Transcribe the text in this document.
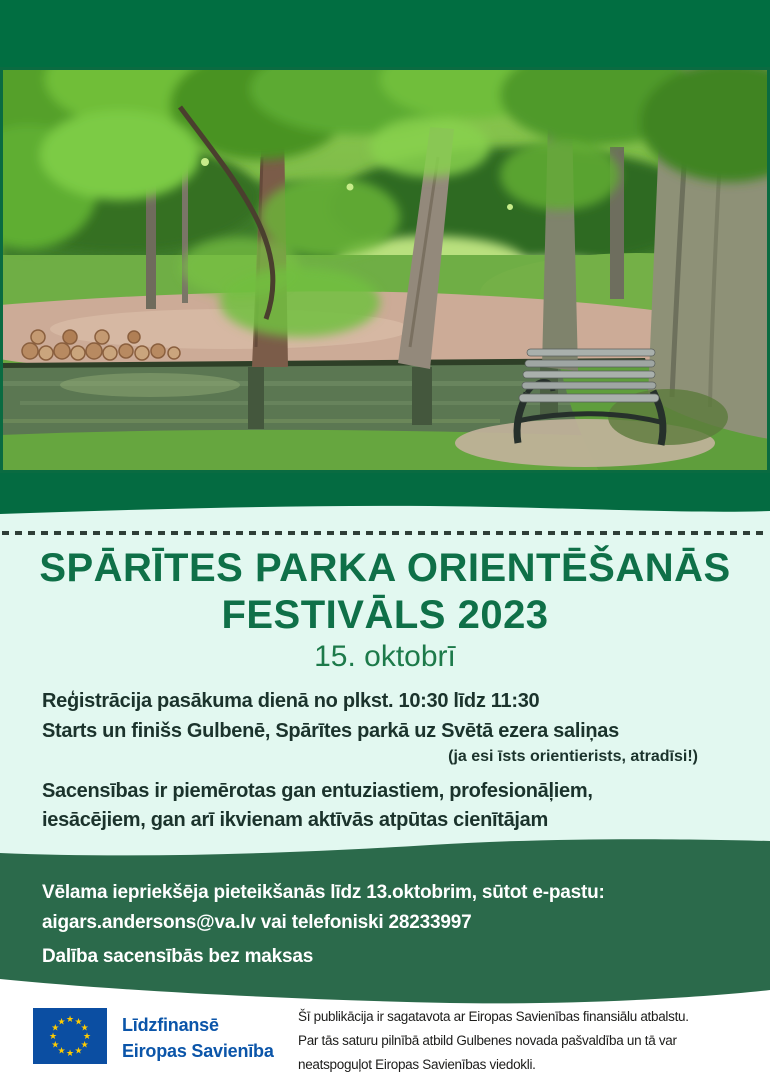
SPĀRĪTES PARKA ORIENTĒŠANĀS
FESTIVĀLS 2023
15. oktobrī
Reģistrācija pasākuma dienā no plkst. 10:30 līdz 11:30
Starts un finišs Gulbenē, Spārītes parkā uz Svētā ezera saliņas
(ja esi īsts orientierists, atradīsi!)
Sacensības ir piemērotas gan entuziastiem, profesionāļiem,
iesācējiem, gan arī ikvienam aktīvās atpūtas cienītājam
Vēlama iepriekšēja pieteikšanās līdz 13.oktobrim, sūtot e-pastu:
aigars.andersons@va.lv vai telefoniski 28233997
Dalība sacensībās bez maksas
★ ★
★
★
★
★
★
★
★
★
★
★	Līdzfinansē
Eiropas Savienība
Šī publikācija ir sagatavota ar Eiropas Savienības finansiālu atbalstu.
Par tās saturu pilnībā atbild Gulbenes novada pašvaldība un tā var
neatspoguļot Eiropas Savienības viedokli.
